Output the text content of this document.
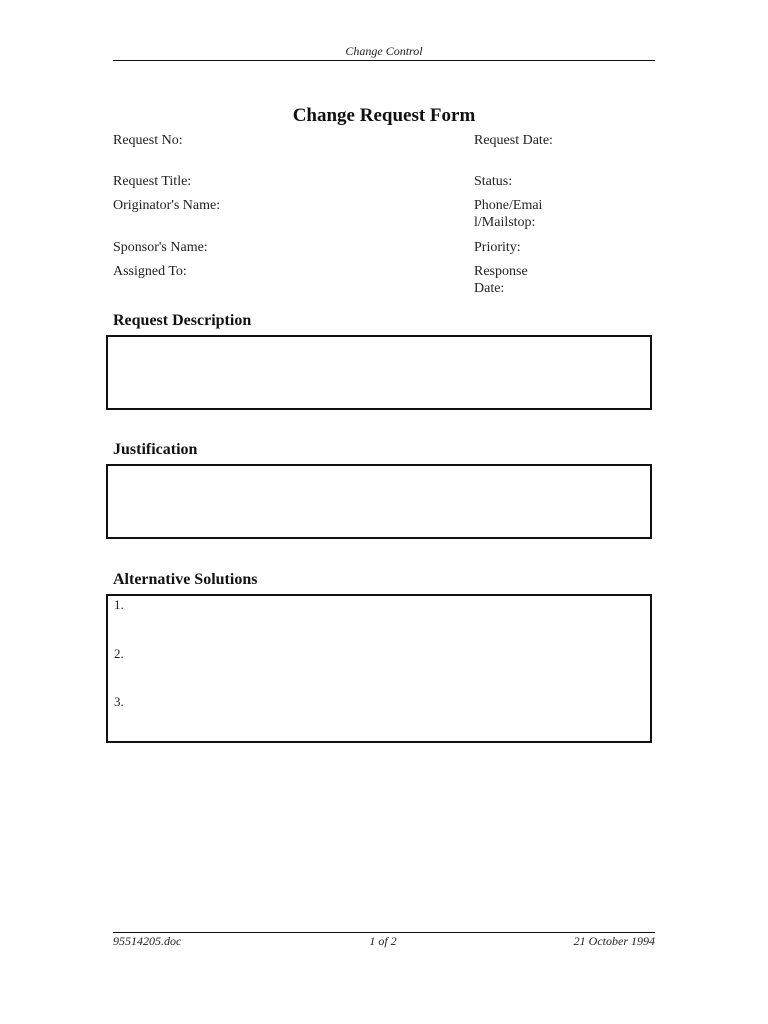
Change Control
Change Request Form
Request No:
Request Title:
Originator's Name:
Sponsor's Name:
Assigned To:
Request Date:
Status:
Phone/Emai l/Mailstop:
Priority:
Response Date:
Request Description
Justification
Alternative Solutions
1.
2.
3.
95514205.doc	1 of 2	21 October 1994
